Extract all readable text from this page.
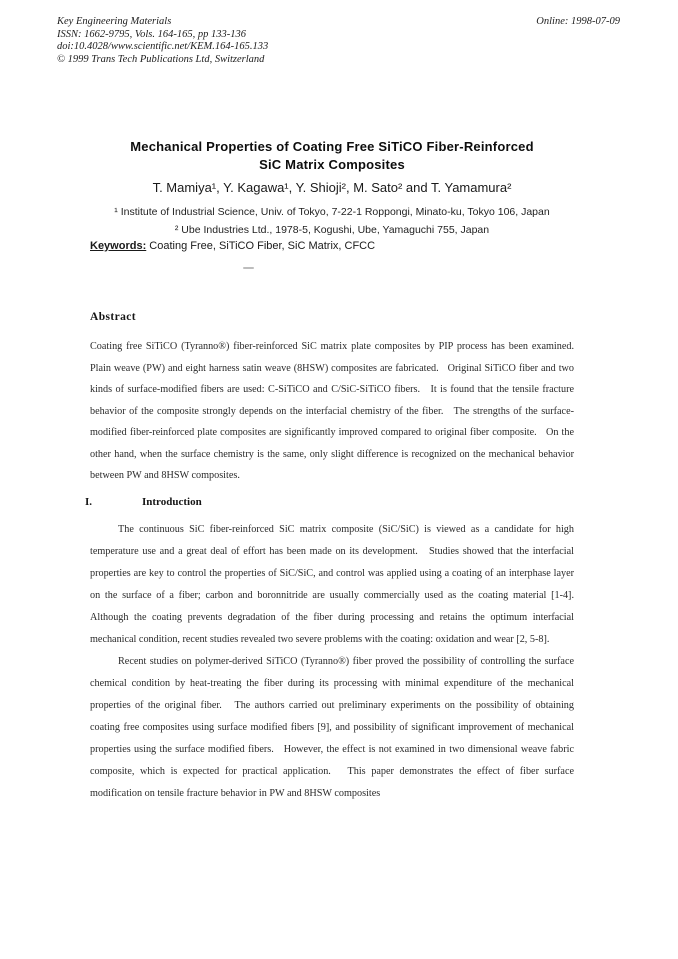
Key Engineering Materials
ISSN: 1662-9795, Vols. 164-165, pp 133-136
doi:10.4028/www.scientific.net/KEM.164-165.133
© 1999 Trans Tech Publications Ltd, Switzerland
Online: 1998-07-09
Mechanical Properties of Coating Free SiTiCO Fiber-Reinforced
SiC Matrix Composites
T. Mamiya¹, Y. Kagawa¹, Y. Shioji², M. Sato² and T. Yamamura²
¹ Institute of Industrial Science, Univ. of Tokyo, 7-22-1 Roppongi, Minato-ku, Tokyo 106, Japan
² Ube Industries Ltd., 1978-5, Kogushi, Ube, Yamaguchi 755, Japan
Keywords: Coating Free, SiTiCO Fiber, SiC Matrix, CFCC
Abstract
Coating free SiTiCO (Tyranno®) fiber-reinforced SiC matrix plate composites by PIP process has been examined.   Plain weave (PW) and eight harness satin weave (8HSW) composites are fabricated.   Original SiTiCO fiber and two kinds of surface-modified fibers are used: C-SiTiCO and C/SiC-SiTiCO fibers.   It is found that the tensile fracture behavior of the composite strongly depends on the interfacial chemistry of the fiber.   The strengths of the surface-modified fiber-reinforced plate composites are significantly improved compared to original fiber composite.   On the other hand, when the surface chemistry is the same, only slight difference is recognized on the mechanical behavior between PW and 8HSW composites.
I.	Introduction

The continuous SiC fiber-reinforced SiC matrix composite (SiC/SiC) is viewed as a candidate for high temperature use and a great deal of effort has been made on its development.   Studies showed that the interfacial properties are key to control the properties of SiC/SiC, and control was applied using a coating of an interphase layer on the surface of a fiber; carbon and boronnitride are usually commercially used as the coating material [1-4].   Although the coating prevents degradation of the fiber during processing and retains the optimum interfacial mechanical condition, recent studies revealed two severe problems with the coating: oxidation and wear [2, 5-8].

Recent studies on polymer-derived SiTiCO (Tyranno®) fiber proved the possibility of controlling the surface chemical condition by heat-treating the fiber during its processing with minimal expenditure of the mechanical properties of the original fiber.   The authors carried out preliminary experiments on the possibility of obtaining coating free composites using surface modified fibers [9], and possibility of significant improvement of mechanical properties using the surface modified fibers.   However, the effect is not examined in two dimensional weave fabric composite, which is expected for practical application.   This paper demonstrates the effect of fiber surface modification on tensile fracture behavior in PW and 8HSW composites
